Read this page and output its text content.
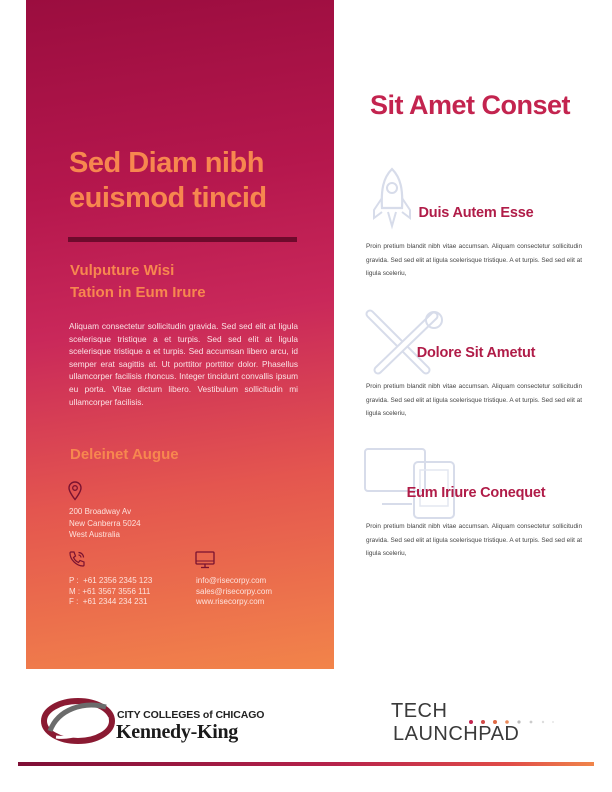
Sed Diam nibh euismod tincid
Vulputure Wisi
Tation in Eum Irure
Aliquam consectetur sollicitudin gravida. Sed sed elit at ligula scelerisque tristique a et turpis. Sed sed elit at ligula scelerisque tristique a et turpis. Sed accumsan libero arcu, id semper erat sagittis at. Ut porttitor porttitor dolor. Phasellus ullamcorper facilisis rhoncus. Integer tincidunt convallis ipsum eu porta. Vitae dictum libero. Vestibulum sollicitudin mi ullamcorper facilisis.
Deleinet Augue
200 Broadway Av
New Canberra 5024
West Australia
P :  +61 2356 2345 123
M : +61 3567 3556 111
F :  +61 2344 234 231
info@risecorpy.com
sales@risecorpy.com
www.risecorpy.com
Sit Amet Conset
Duis Autem Esse
Proin pretium blandit nibh vitae accumsan. Aliquam consectetur sollicitudin gravida. Sed sed elit at ligula scelerisque tristique. A et turpis. Sed sed elit at ligula sceleriu,
Dolore Sit Ametut
Proin pretium blandit nibh vitae accumsan. Aliquam consectetur sollicitudin gravida. Sed sed elit at ligula scelerisque tristique. A et turpis. Sed sed elit at ligula sceleriu,
Eum Iriure Conequet
Proin pretium blandit nibh vitae accumsan. Aliquam consectetur sollicitudin gravida. Sed sed elit at ligula scelerisque tristique. A et turpis. Sed sed elit at ligula sceleriu,
CITY COLLEGES of CHICAGO
Kennedy-King
TECH
LAUNCHPAD
